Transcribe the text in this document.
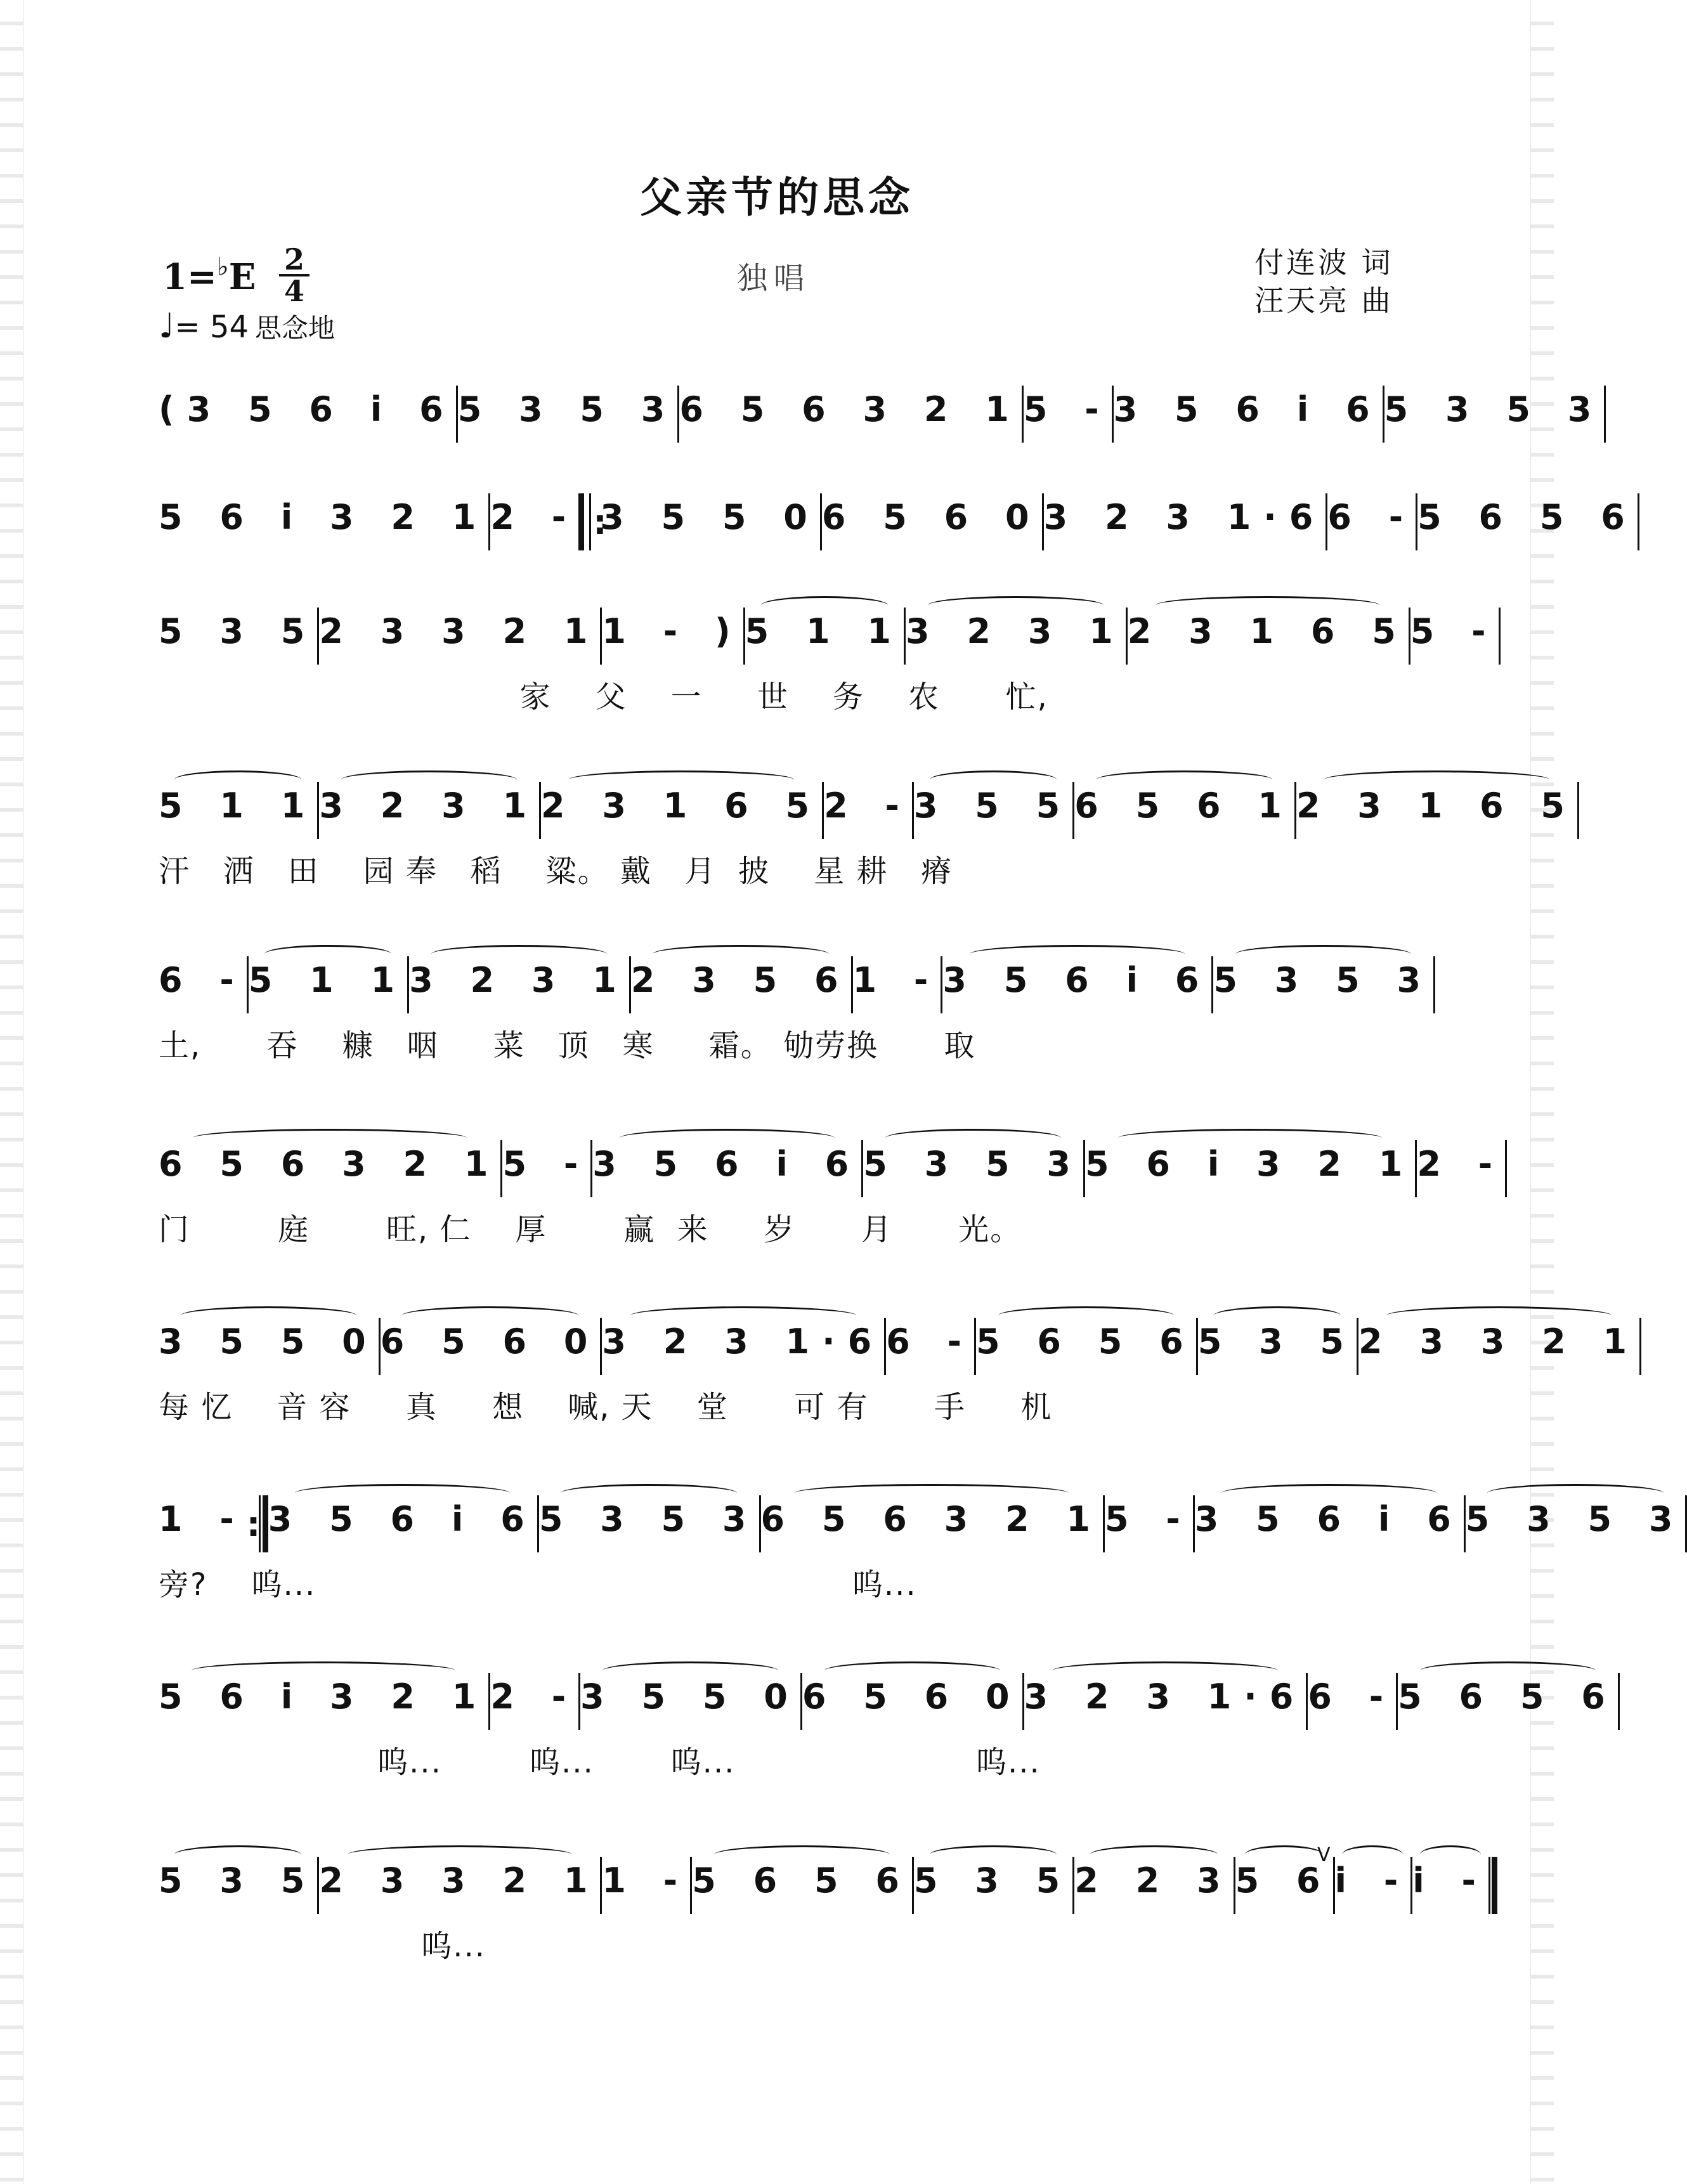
父亲节的思念
1=♭E 2
4
♩= 54 思念地
独唱	付连波 词
汪天亮 曲
(3 5 6 i 6 5 3 5 3 6 5 6 3 2 1 5 - 3 5 6 i 6 5 3 5 3
5 6 i 3 2 1 2 - : 3 5 5 0 6 5 6 0 3 2 3 1·6 6 - 5 6 5 6
5 3 5 2 3 3 2 1 1 - ) 5 1 1 3 2 3 1 2 3 1 6 5 5 -
家    父    一     世    务    农      忙,
5 1 1 3 2 3 1 2 3 1 6 5 2 - 3 5 5 6 5 6 1 2 3 1 6 5
汗   洒   田    园 奉   稻    粱。 戴   月  披    星 耕   瘠
6 - 5 1 1 3 2 3 1 2 3 5 6 1 - 3 5 6 i 6 5 3 5 3
土,      吞    糠   咽     菜   顶   寒     霜。 劬劳换      取
6 5 6 3 2 1 5 - 3 5 6 i 6 5 3 5 3 5 6 i 3 2 1 2 -
门        庭       旺, 仁    厚       赢  来     岁      月      光。
3 5 5 0 6 5 6 0 3 2 3 1·6 6 - 5 6 5 6 5 3 5 2 3 3 2 1
每 忆    音 容     真     想    喊, 天    堂      可 有      手     机
1 - : 3 5 6 i 6 5 3 5 3 6 5 6 3 2 1 5 - 3 5 6 i 6 5 3 5 3
旁?    呜...                                                 呜...
5 6 i 3 2 1 2 - 3 5 5 0 6 5 6 0 3 2 3 1·6 6 - 5 6 5 6
呜...        呜...       呜...                      呜...
5 3 5 2 3 3 2 1 1 - 5 6 5 6 5 3 5 2 2 3 5 6
V
i - i -
呜...
